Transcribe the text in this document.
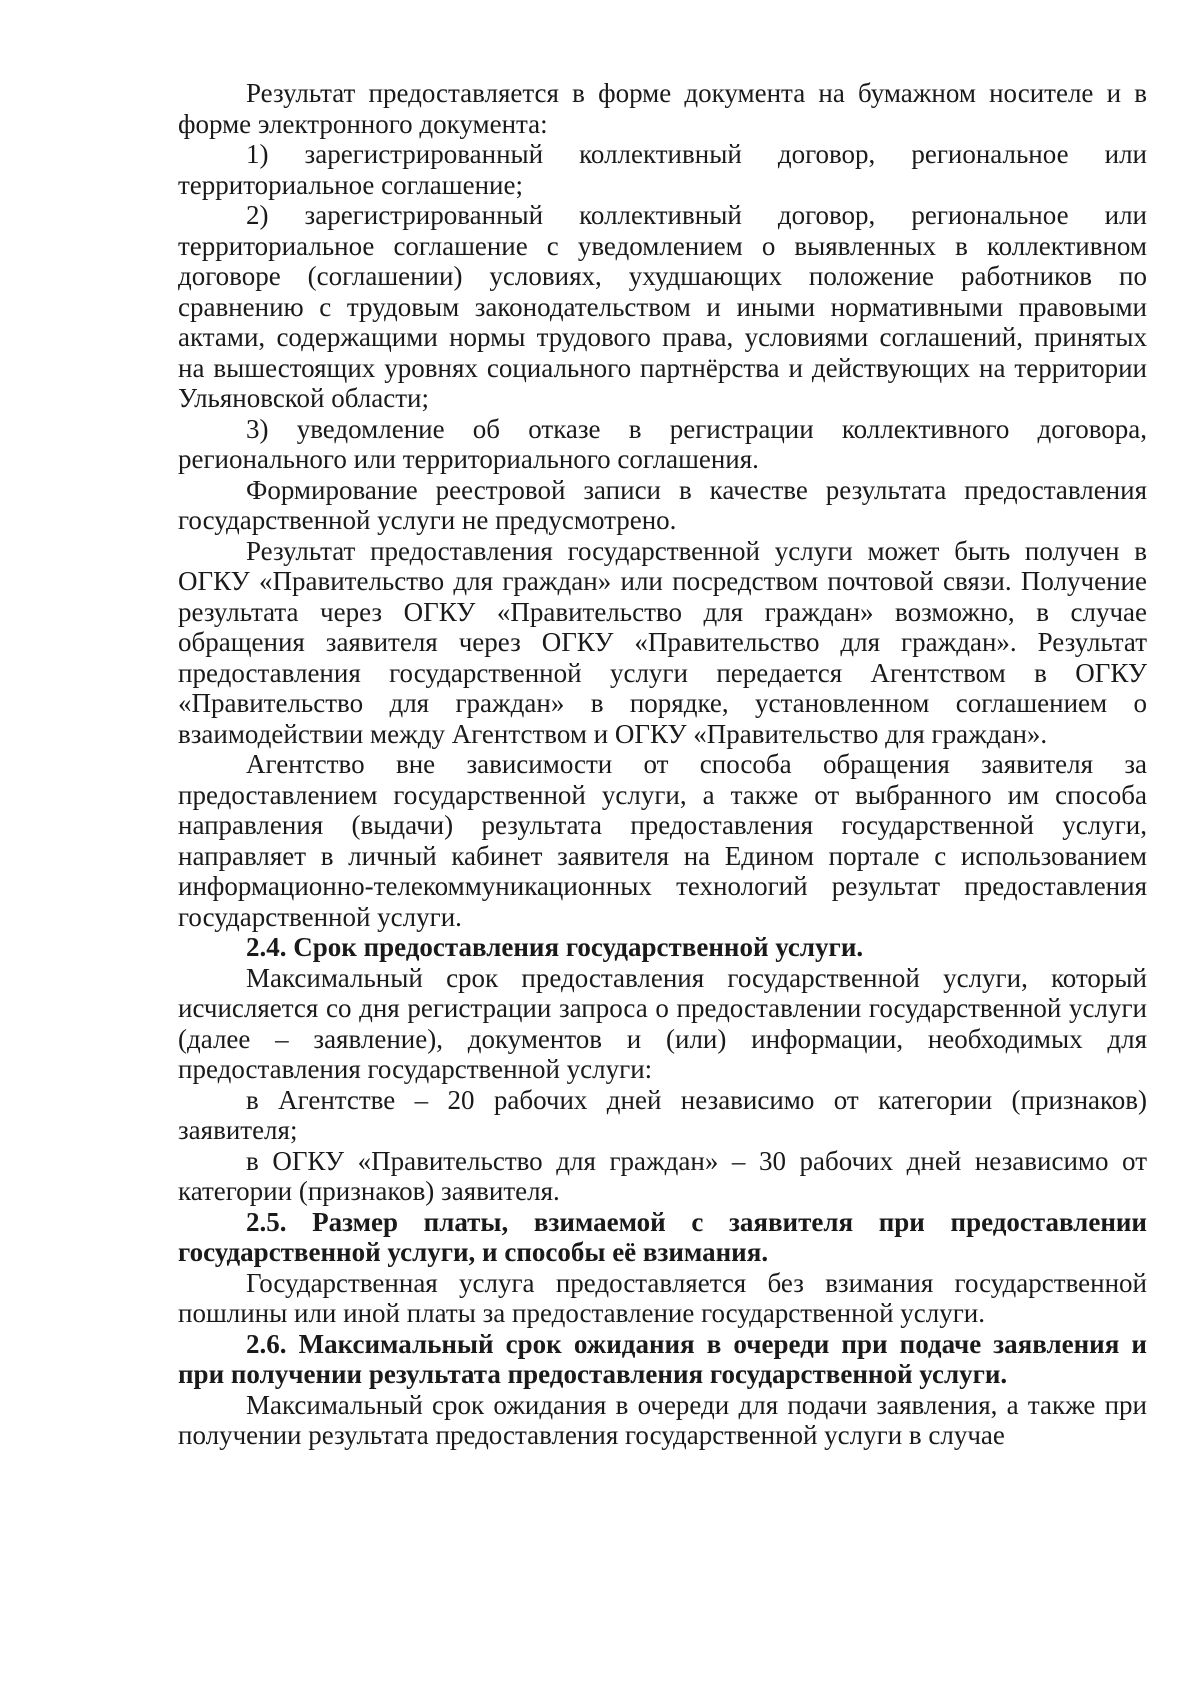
Результат предоставляется в форме документа на бумажном носителе и в форме электронного документа:

1) зарегистрированный коллективный договор, региональное или территориальное соглашение;

2) зарегистрированный коллективный договор, региональное или территориальное соглашение с уведомлением о выявленных в коллективном договоре (соглашении) условиях, ухудшающих положение работников по сравнению с трудовым законодательством и иными нормативными правовыми актами, содержащими нормы трудового права, условиями соглашений, принятых на вышестоящих уровнях социального партнёрства и действующих на территории Ульяновской области;

3) уведомление об отказе в регистрации коллективного договора, регионального или территориального соглашения.

Формирование реестровой записи в качестве результата предоставления государственной услуги не предусмотрено.

Результат предоставления государственной услуги может быть получен в ОГКУ «Правительство для граждан» или посредством почтовой связи. Получение результата через ОГКУ «Правительство для граждан» возможно, в случае обращения заявителя через ОГКУ «Правительство для граждан». Результат предоставления государственной услуги передается Агентством в ОГКУ «Правительство для граждан» в порядке, установленном соглашением о взаимодействии между Агентством и ОГКУ «Правительство для граждан».

Агентство вне зависимости от способа обращения заявителя за предоставлением государственной услуги, а также от выбранного им способа направления (выдачи) результата предоставления государственной услуги, направляет в личный кабинет заявителя на Едином портале с использованием информационно-телекоммуникационных технологий результат предоставления государственной услуги.

2.4. Срок предоставления государственной услуги.

Максимальный срок предоставления государственной услуги, который исчисляется со дня регистрации запроса о предоставлении государственной услуги (далее – заявление), документов и (или) информации, необходимых для предоставления государственной услуги:

в Агентстве – 20 рабочих дней независимо от категории (признаков) заявителя;

в ОГКУ «Правительство для граждан» – 30 рабочих дней независимо от категории (признаков) заявителя.

2.5. Размер платы, взимаемой с заявителя при предоставлении государственной услуги, и способы её взимания.

Государственная услуга предоставляется без взимания государственной пошлины или иной платы за предоставление государственной услуги.

2.6. Максимальный срок ожидания в очереди при подаче заявления и при получении результата предоставления государственной услуги.

Максимальный срок ожидания в очереди для подачи заявления, а также при получении результата предоставления государственной услуги в случае
